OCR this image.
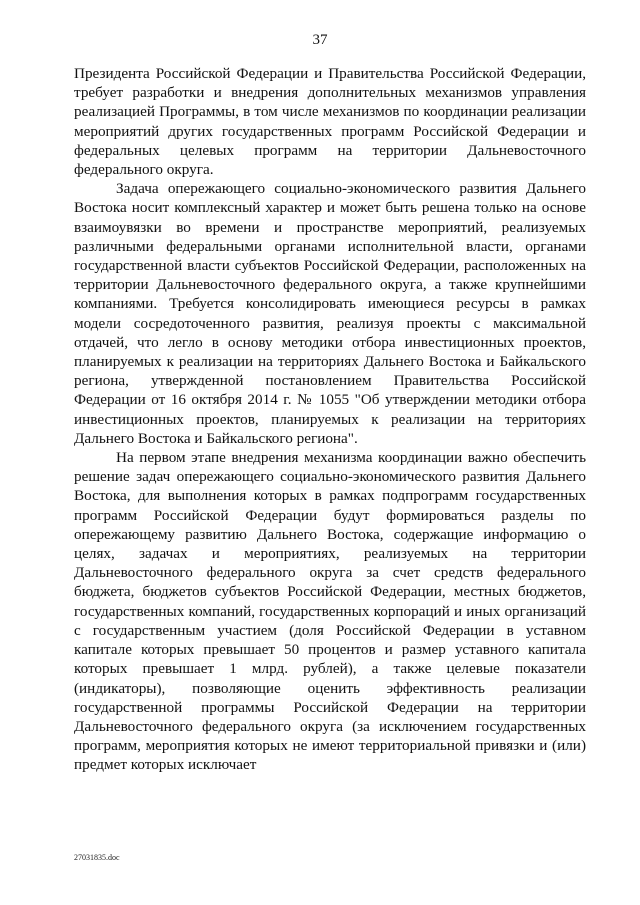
37

Президента Российской Федерации и Правительства Российской Федерации, требует разработки и внедрения дополнительных механизмов управления реализацией Программы, в том числе механизмов по координации реализации мероприятий других государственных программ Российской Федерации и федеральных целевых программ на территории Дальневосточного федерального округа.

Задача опережающего социально-экономического развития Дальнего Востока носит комплексный характер и может быть решена только на основе взаимоувязки во времени и пространстве мероприятий, реализуемых различными федеральными органами исполнительной власти, органами государственной власти субъектов Российской Федерации, расположенных на территории Дальневосточного федерального округа, а также крупнейшими компаниями. Требуется консолидировать имеющиеся ресурсы в рамках модели сосредоточенного развития, реализуя проекты с максимальной отдачей, что легло в основу методики отбора инвестиционных проектов, планируемых к реализации на территориях Дальнего Востока и Байкальского региона, утвержденной постановлением Правительства Российской Федерации от 16 октября 2014 г. № 1055 "Об утверждении методики отбора инвестиционных проектов, планируемых к реализации на территориях Дальнего Востока и Байкальского региона".

На первом этапе внедрения механизма координации важно обеспечить решение задач опережающего социально-экономического развития Дальнего Востока, для выполнения которых в рамках подпрограмм государственных программ Российской Федерации будут формироваться разделы по опережающему развитию Дальнего Востока, содержащие информацию о целях, задачах и мероприятиях, реализуемых на территории Дальневосточного федерального округа за счет средств федерального бюджета, бюджетов субъектов Российской Федерации, местных бюджетов, государственных компаний, государственных корпораций и иных организаций с государственным участием (доля Российской Федерации в уставном капитале которых превышает 50 процентов и размер уставного капитала которых превышает 1 млрд. рублей), а также целевые показатели (индикаторы), позволяющие оценить эффективность реализации государственной программы Российской Федерации на территории Дальневосточного федерального округа (за исключением государственных программ, мероприятия которых не имеют территориальной привязки и (или) предмет которых исключает

27031835.doc
